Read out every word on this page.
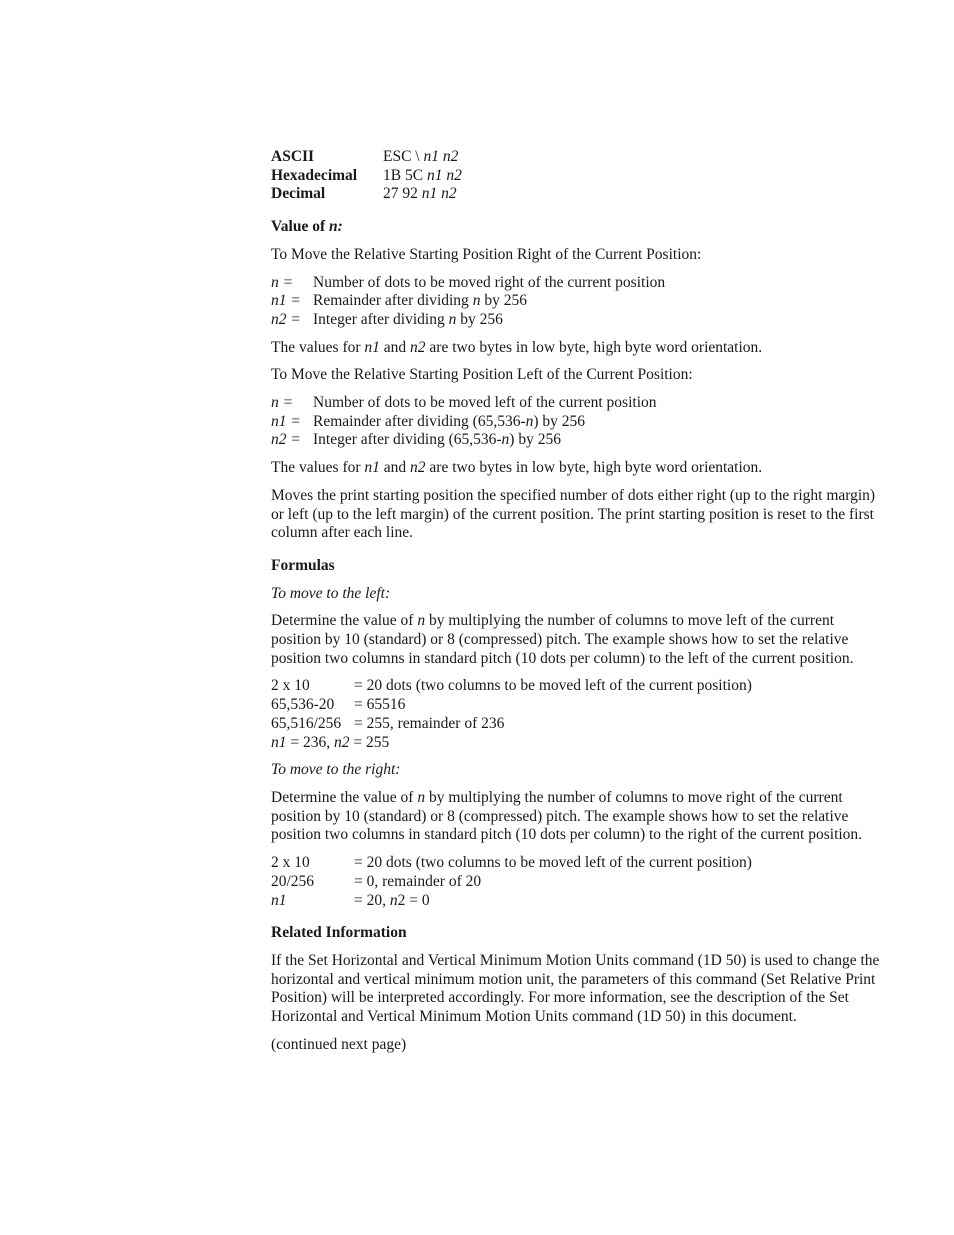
ASCII	ESC \ n1 n2
Hexadecimal	1B 5C n1 n2
Decimal	27 92 n1 n2
Value of n:
To Move the Relative Starting Position Right of the Current Position:
n =	Number of dots to be moved right of the current position
n1 = Remainder after dividing n by 256
n2 = Integer after dividing n by 256
The values for n1 and n2 are two bytes in low byte, high byte word orientation.
To Move the Relative Starting Position Left of the Current Position:
n =	Number of dots to be moved left of the current position
n1 = Remainder after dividing (65,536-n) by 256
n2 = Integer after dividing (65,536-n) by 256
The values for n1 and n2 are two bytes in low byte, high byte word orientation.
Moves the print starting position the specified number of dots either right (up to the right margin) or left (up to the left margin) of the current position. The print starting position is reset to the first column after each line.
Formulas
To move to the left:
Determine the value of n by multiplying the number of columns to move left of the current position by 10 (standard) or 8 (compressed) pitch. The example shows how to set the relative position two columns in standard pitch (10 dots per column) to the left of the current position.
2 x 10	= 20 dots (two columns to be moved left of the current position)
65,536-20	= 65516
65,516/256 = 255, remainder of 236
n1 = 236, n2 = 255
To move to the right:
Determine the value of n by multiplying the number of columns to move right of the current position by 10 (standard) or 8 (compressed) pitch. The example shows how to set the relative position two columns in standard pitch (10 dots per column) to the right of the current position.
2 x 10	= 20 dots (two columns to be moved left of the current position)
20/256	= 0, remainder of 20
n1	= 20, n2 = 0
Related Information
If the Set Horizontal and Vertical Minimum Motion Units command (1D 50) is used to change the horizontal and vertical minimum motion unit, the parameters of this command (Set Relative Print Position) will be interpreted accordingly. For more information, see the description of the Set Horizontal and Vertical Minimum Motion Units command (1D 50) in this document.
(continued next page)
